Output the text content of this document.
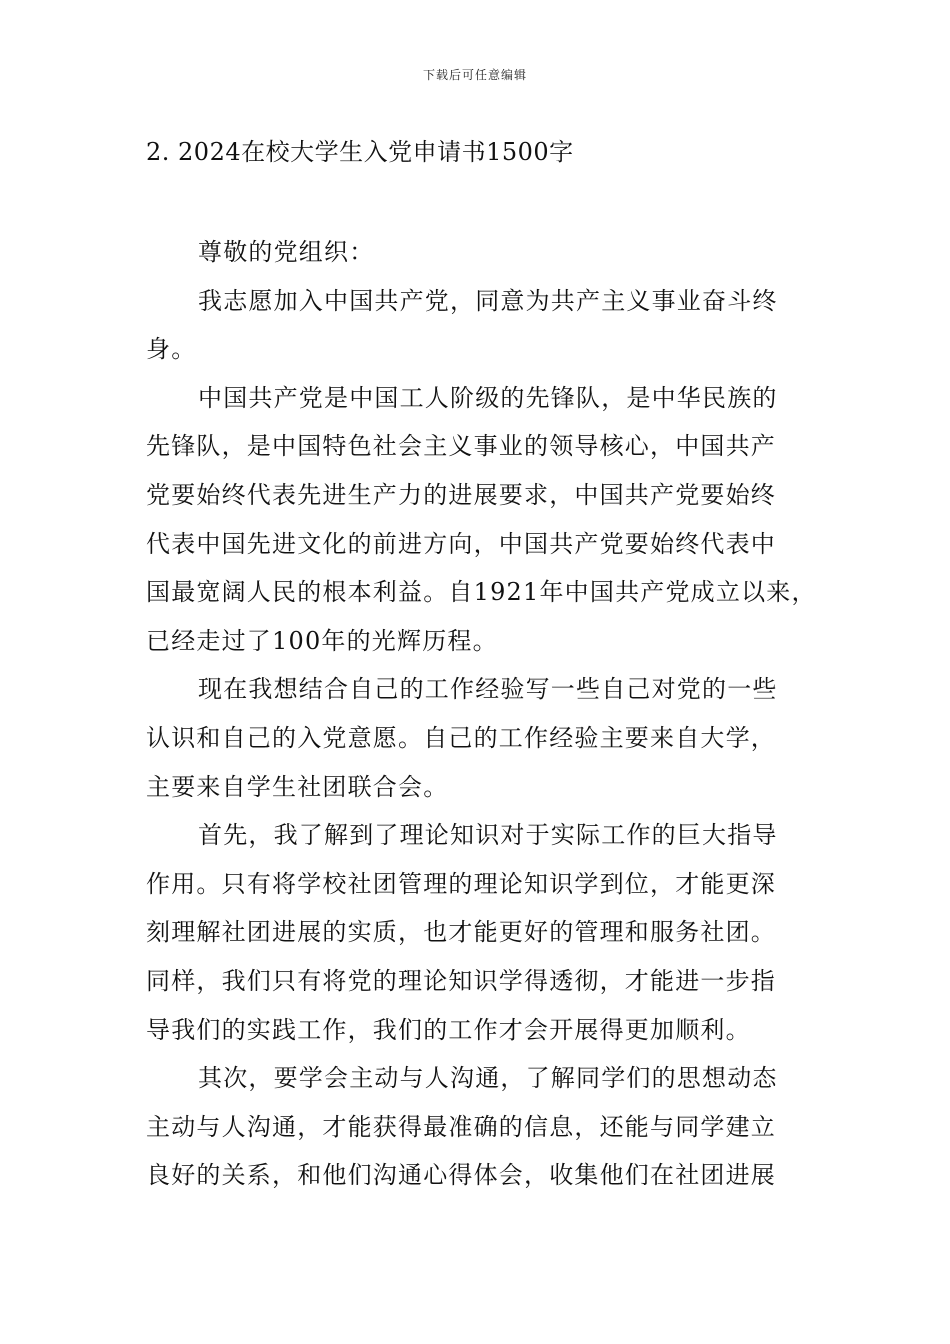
下载后可任意编辑
2. 2024在校大学生入党申请书1500字
尊敬的党组织：
我志愿加入中国共产党，同意为共产主义事业奋斗终
身。
中国共产党是中国工人阶级的先锋队，是中华民族的
先锋队，是中国特色社会主义事业的领导核心，中国共产
党要始终代表先进生产力的进展要求，中国共产党要始终
代表中国先进文化的前进方向，中国共产党要始终代表中
国最宽阔人民的根本利益。自1921年中国共产党成立以来，
已经走过了100年的光辉历程。
现在我想结合自己的工作经验写一些自己对党的一些
认识和自己的入党意愿。自己的工作经验主要来自大学，
主要来自学生社团联合会。
首先，我了解到了理论知识对于实际工作的巨大指导
作用。只有将学校社团管理的理论知识学到位，才能更深
刻理解社团进展的实质，也才能更好的管理和服务社团。
同样，我们只有将党的理论知识学得透彻，才能进一步指
导我们的实践工作，我们的工作才会开展得更加顺利。
其次，要学会主动与人沟通，了解同学们的思想动态
主动与人沟通，才能获得最准确的信息，还能与同学建立
良好的关系，和他们沟通心得体会，收集他们在社团进展
